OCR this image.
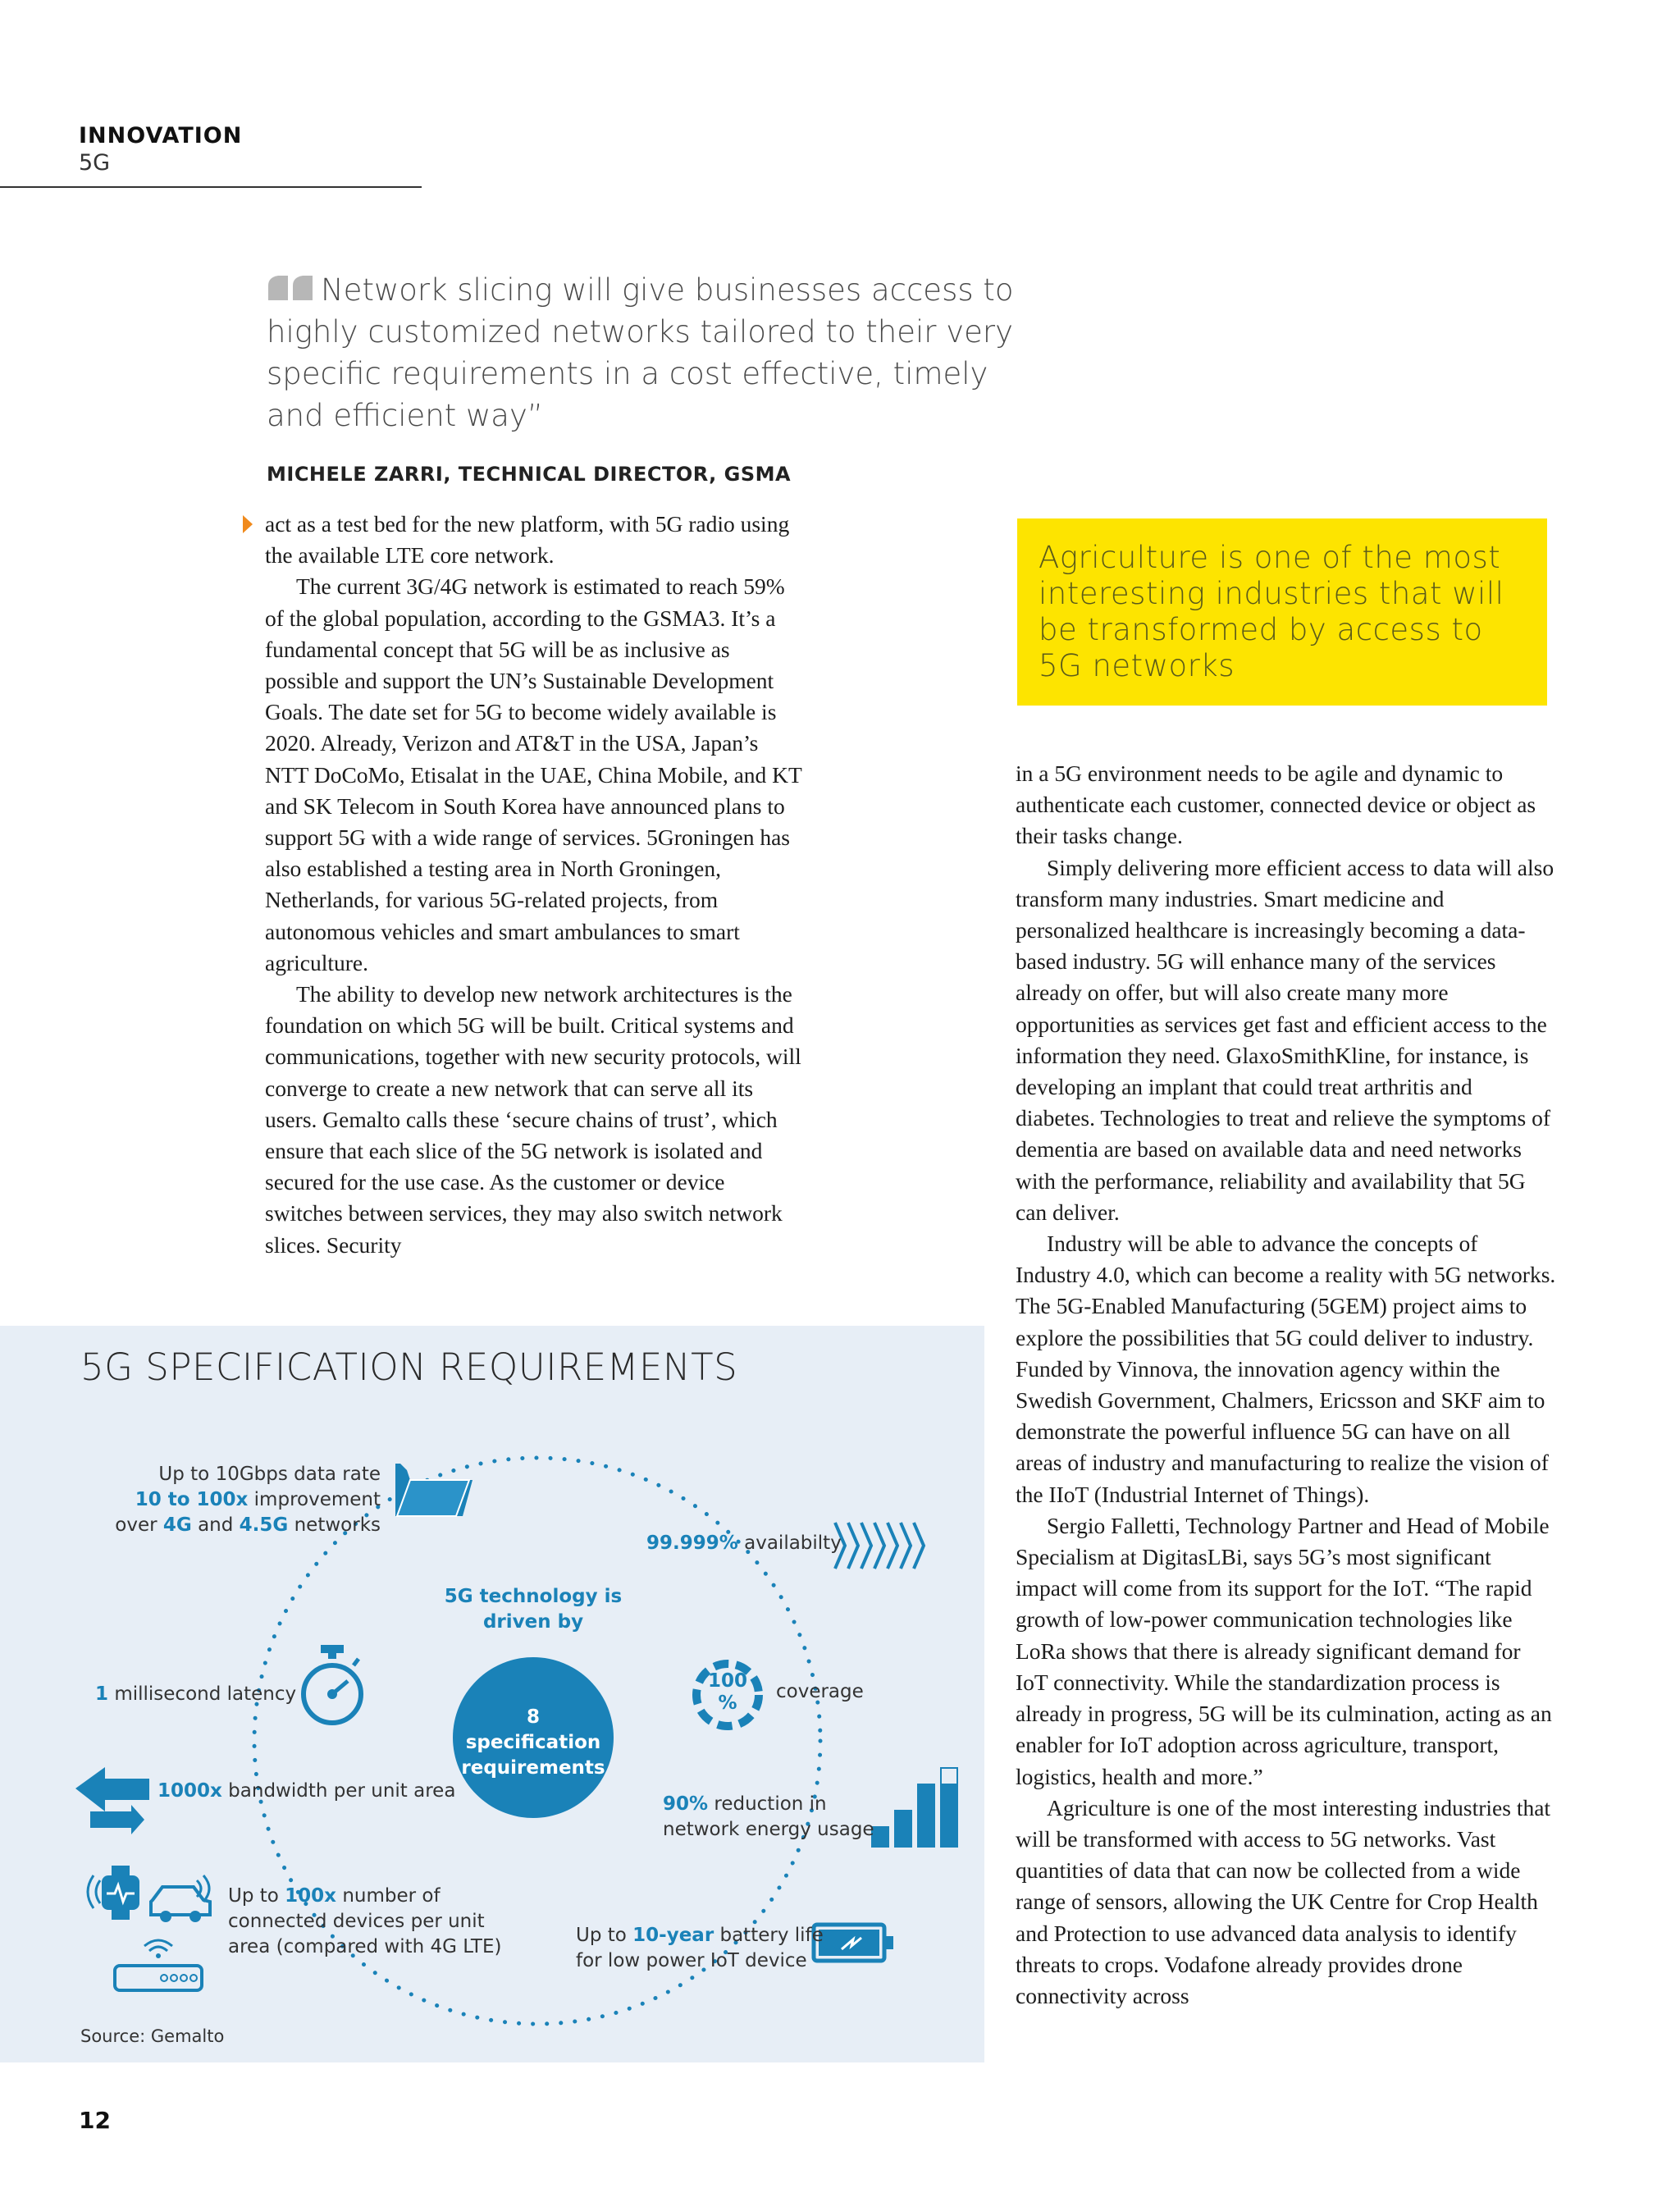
INNOVATION
5G
Network slicing will give businesses access to highly customized networks tailored to their very specific requirements in a cost effective, timely and efficient way”
MICHELE ZARRI, TECHNICAL DIRECTOR, GSMA

act as a test bed for the new platform, with 5G radio using the available LTE core network.

The current 3G/4G network is estimated to reach 59% of the global population, according to the GSMA3. It’s a fundamental concept that 5G will be as inclusive as possible and support the UN’s Sustainable Development Goals. The date set for 5G to become widely available is 2020. Already, Verizon and AT&T in the USA, Japan’s NTT DoCoMo, Etisalat in the UAE, China Mobile, and KT and SK Telecom in South Korea have announced plans to support 5G with a wide range of services. 5Groningen has also established a testing area in North Groningen, Netherlands, for various 5G-related projects, from autonomous vehicles and smart ambulances to smart agriculture.

The ability to develop new network architectures is the foundation on which 5G will be built. Critical systems and communications, together with new security protocols, will converge to create a new network that can serve all its users. Gemalto calls these ‘secure chains of trust’, which ensure that each slice of the 5G network is isolated and secured for the use case. As the customer or device switches between services, they may also switch network slices. Security

Agriculture is one of the most interesting industries that will be transformed by access to 5G networks

in a 5G environment needs to be agile and dynamic to authenticate each customer, connected device or object as their tasks change.

Simply delivering more efficient access to data will also transform many industries. Smart medicine and personalized healthcare is increasingly becoming a data-based industry. 5G will enhance many of the services already on offer, but will also create many more opportunities as services get fast and efficient access to the information they need. GlaxoSmithKline, for instance, is developing an implant that could treat arthritis and diabetes. Technologies to treat and relieve the symptoms of dementia are based on available data and need networks with the performance, reliability and availability that 5G can deliver.

Industry will be able to advance the concepts of Industry 4.0, which can become a reality with 5G networks. The 5G-Enabled Manufacturing (5GEM) project aims to explore the possibilities that 5G could deliver to industry. Funded by Vinnova, the innovation agency within the Swedish Government, Chalmers, Ericsson and SKF aim to demonstrate the powerful influence 5G can have on all areas of industry and manufacturing to realize the vision of the IIoT (Industrial Internet of Things).

Sergio Falletti, Technology Partner and Head of Mobile Specialism at DigitasLBi, says 5G’s most significant impact will come from its support for the IoT. “The rapid growth of low-power communication technologies like LoRa shows that there is already significant demand for IoT connectivity. While the standardization process is already in progress, 5G will be its culmination, acting as an enabler for IoT adoption across agriculture, transport, logistics, health and more.”

Agriculture is one of the most interesting industries that will be transformed with access to 5G networks. Vast quantities of data that can now be collected from a wide range of sensors, allowing the UK Centre for Crop Health and Protection to use advanced data analysis to identify threats to crops. Vodafone already provides drone connectivity across

5G SPECIFICATION REQUIREMENTS
Up to 10Gbps data rate
10 to 100x improvement
over 4G and 4.5G networks
99.999% availabilty
5G technology is driven by
8 specification requirements
1 millisecond latency
100
%
coverage
1000x bandwidth per unit area
90% reduction in
network energy usage
Up to 100x number of
connected devices per unit
area (compared with 4G LTE)
Up to 10-year battery life
for low power IoT device
Source: Gemalto
12
